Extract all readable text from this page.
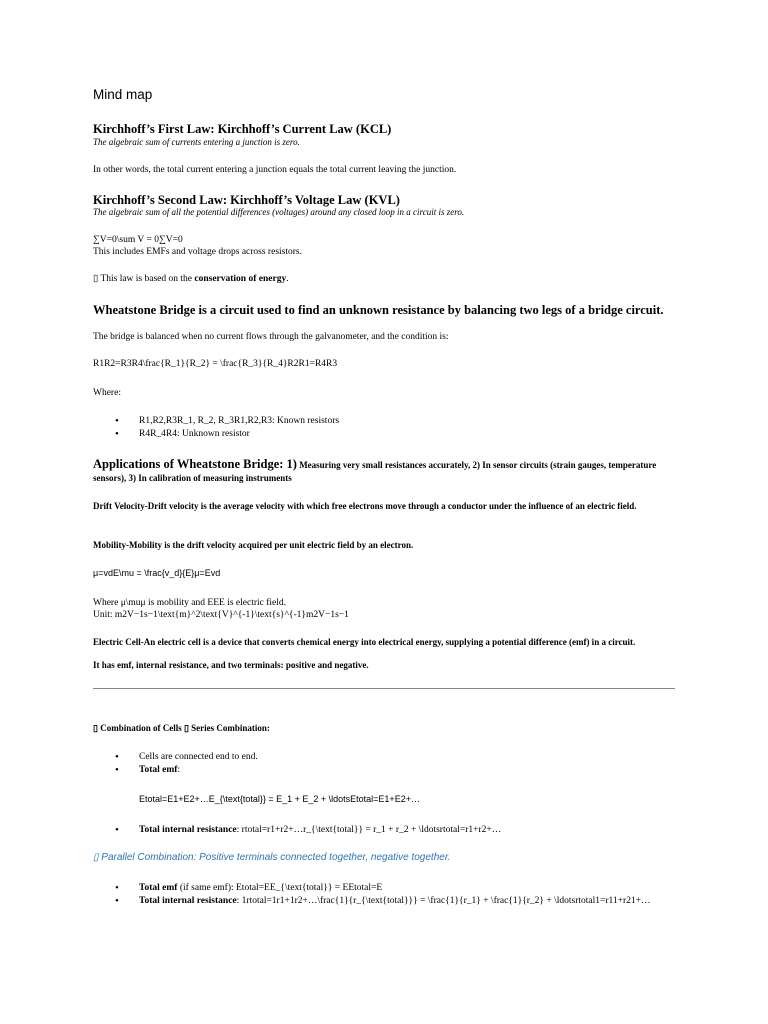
Mind map
Kirchhoff’s First Law: Kirchhoff’s Current Law (KCL)
The algebraic sum of currents entering a junction is zero.
In other words, the total current entering a junction equals the total current leaving the junction.
Kirchhoff’s Second Law: Kirchhoff’s Voltage Law (KVL)
The algebraic sum of all the potential differences (voltages) around any closed loop in a circuit is zero.
∑V=0\sum V = 0∑V=0
This includes EMFs and voltage drops across resistors.
▯ This law is based on the conservation of energy.
Wheatstone Bridge is a circuit used to find an unknown resistance by balancing two legs of a bridge circuit.
The bridge is balanced when no current flows through the galvanometer, and the condition is:
R1R2=R3R4\frac{R_1}{R_2} = \frac{R_3}{R_4}R2R1=R4R3
Where:
• R1,R2,R3R_1, R_2, R_3R1,R2,R3: Known resistors
• R4R_4R4: Unknown resistor
Applications of Wheatstone Bridge: 1) Measuring very small resistances accurately, 2) In sensor circuits (strain gauges, temperature sensors), 3) In calibration of measuring instruments
Drift Velocity-Drift velocity is the average velocity with which free electrons move through a conductor under the influence of an electric field.
Mobility-Mobility is the drift velocity acquired per unit electric field by an electron.
μ=vdE\mu = \frac{v_d}{E}μ=Evd
Where μ\muμ is mobility and EEE is electric field.
Unit: m2V−1s−1\text{m}^2\text{V}^{-1}\text{s}^{-1}m2V−1s−1
Electric Cell-An electric cell is a device that converts chemical energy into electrical energy, supplying a potential difference (emf) in a circuit.
It has emf, internal resistance, and two terminals: positive and negative.
▯ Combination of Cells ▯ Series Combination:
• Cells are connected end to end.
• Total emf:
Etotal=E1+E2+…E_{\text{total}} = E_1 + E_2 + \ldotsEtotal=E1+E2+…
• Total internal resistance: rtotal=r1+r2+…r_{\text{total}} = r_1 + r_2 + \ldotsrtotal=r1+r2+…
▯ Parallel Combination: Positive terminals connected together, negative together.
• Total emf (if same emf): Etotal=EE_{\text{total}} = EEtotal=E
• Total internal resistance: 1rtotal=1r1+1r2+…\frac{1}{r_{\text{total}}} = \frac{1}{r_1} + \frac{1}{r_2} + \ldotsrtotal1=r11+r21+…
